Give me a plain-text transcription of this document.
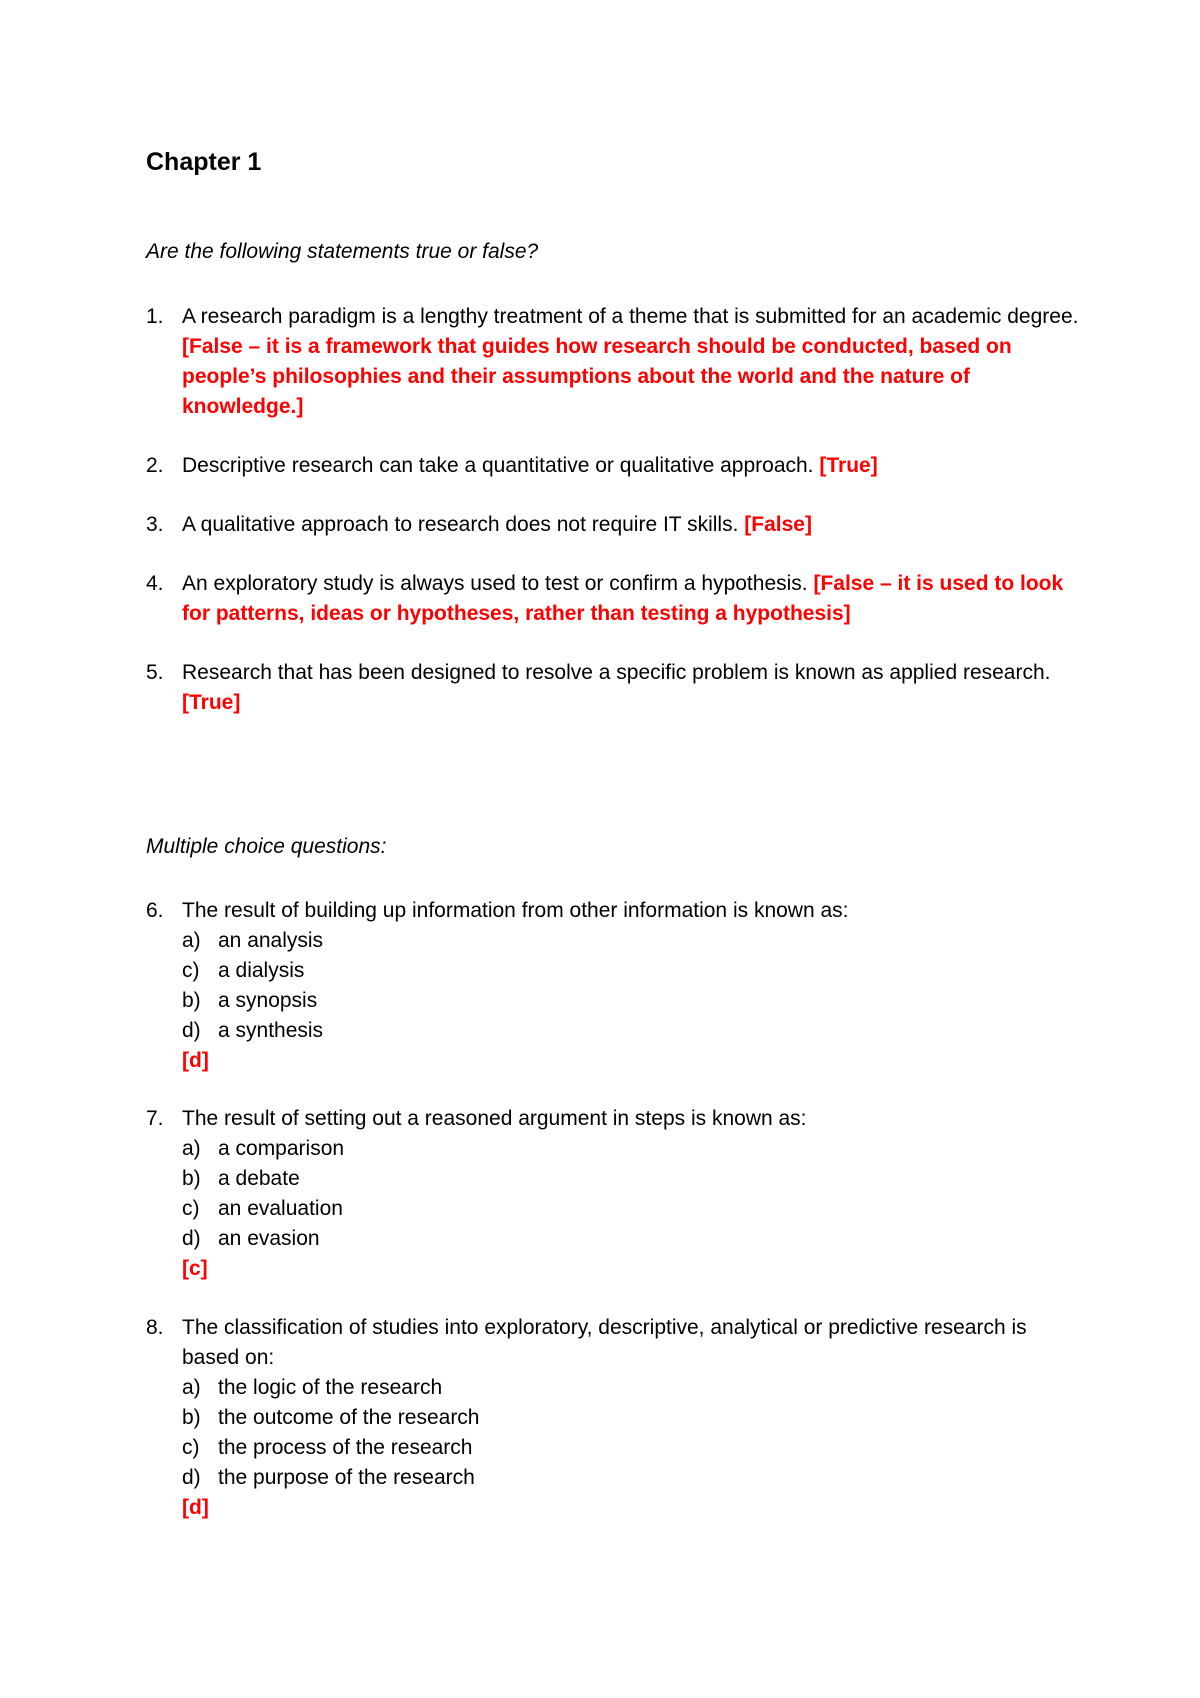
Chapter 1
Are the following statements true or false?
1. A research paradigm is a lengthy treatment of a theme that is submitted for an academic degree. [False – it is a framework that guides how research should be conducted, based on people’s philosophies and their assumptions about the world and the nature of knowledge.]
2. Descriptive research can take a quantitative or qualitative approach. [True]
3. A qualitative approach to research does not require IT skills. [False]
4. An exploratory study is always used to test or confirm a hypothesis. [False – it is used to look for patterns, ideas or hypotheses, rather than testing a hypothesis]
5. Research that has been designed to resolve a specific problem is known as applied research. [True]
Multiple choice questions:
6. The result of building up information from other information is known as:
a) an analysis
c) a dialysis
b) a synopsis
d) a synthesis
[d]
7. The result of setting out a reasoned argument in steps is known as:
a) a comparison
b) a debate
c) an evaluation
d) an evasion
[c]
8. The classification of studies into exploratory, descriptive, analytical or predictive research is based on:
a) the logic of the research
b) the outcome of the research
c) the process of the research
d) the purpose of the research
[d]
